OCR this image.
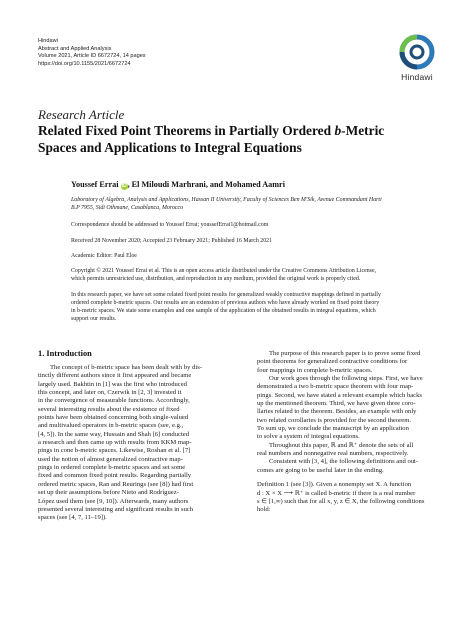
Hindawi
Abstract and Applied Analysis
Volume 2021, Article ID 6672724, 14 pages
https://doi.org/10.1155/2021/6672724
Hindawi
Research Article
Related Fixed Point Theorems in Partially Ordered b-Metric
Spaces and Applications to Integral Equations
Youssef Errai iD, El Miloudi Marhrani, and Mohamed Aamri
Laboratory of Algebra, Analysis and Applications, Hassan II University, Faculty of Sciences Ben M'Sik, Avenue Commandant Harti
B.P 7955, Sidi Othmane, Casablanca, Morocco
Correspondence should be addressed to Youssef Errai; youssefErrai1@hotmail.com
Received 28 November 2020; Accepted 23 February 2021; Published 16 March 2021
Academic Editor: Paul Eloe
Copyright © 2021 Youssef Errai et al. This is an open access article distributed under the Creative Commons Attribution License,
which permits unrestricted use, distribution, and reproduction in any medium, provided the original work is properly cited.
In this research paper, we have set some related fixed point results for generalized weakly contractive mappings defined in partially
ordered complete b-metric spaces. Our results are an extension of previous authors who have already worked on fixed point theory
in b-metric spaces. We state some examples and one sample of the application of the obtained results in integral equations, which
support our results.
1. Introduction
The concept of b-metric space has been dealt with by dis-
tinctly different authors since it first appeared and became
largely used. Bakhtin in [1] was the first who introduced
this concept, and later on, Czerwik in [2, 3] invested it
in the convergence of measurable functions. Accordingly,
several interesting results about the existence of fixed
points have been obtained concerning both single-valued
and multivalued operators in b-metric spaces (see, e.g.,
[4, 5]). In the same way, Hussain and Shah [6] conducted
a research and then came up with results from KKM map-
pings in cone b-metric spaces. Likewise, Roshan et al. [7]
used the notion of almost generalized contractive map-
pings in ordered complete b-metric spaces and set some
fixed and common fixed point results. Regarding partially
ordered metric spaces, Ran and Reurings (see [8]) had first
set up their assumptions before Nieto and Rodríguez-
López used them (see [9, 10]). Afterwards, many authors
presented several interesting and significant results in such
spaces (see [4, 7, 11–19]).
The purpose of this research paper is to prove some fixed
point theorems for generalized contractive conditions for
four mappings in complete b-metric spaces.
Our work goes through the following steps. First, we have
demonstrated a two b-metric space theorem with four map-
pings. Second, we have stated a relevant example which backs
up the mentioned theorem. Third, we have given three coro-
llaries related to the theorem. Besides, an example with only
two related corollaries is provided for the second theorem.
To sum up, we conclude the manuscript by an application
to solve a system of integral equations.
Throughout this paper, ℝ and ℝ⁺ denote the sets of all
real numbers and nonnegative real numbers, respectively.
Consistent with [3, 4], the following definitions and out-
comes are going to be useful later in the ending.
Definition 1 (see [3]). Given a nonempty set X. A function
d : X × X ⟶ ℝ⁺ is called b-metric if there is a real number
s ∈ [1,∞) such that for all x, y, z ∈ X, the following conditions
hold:
